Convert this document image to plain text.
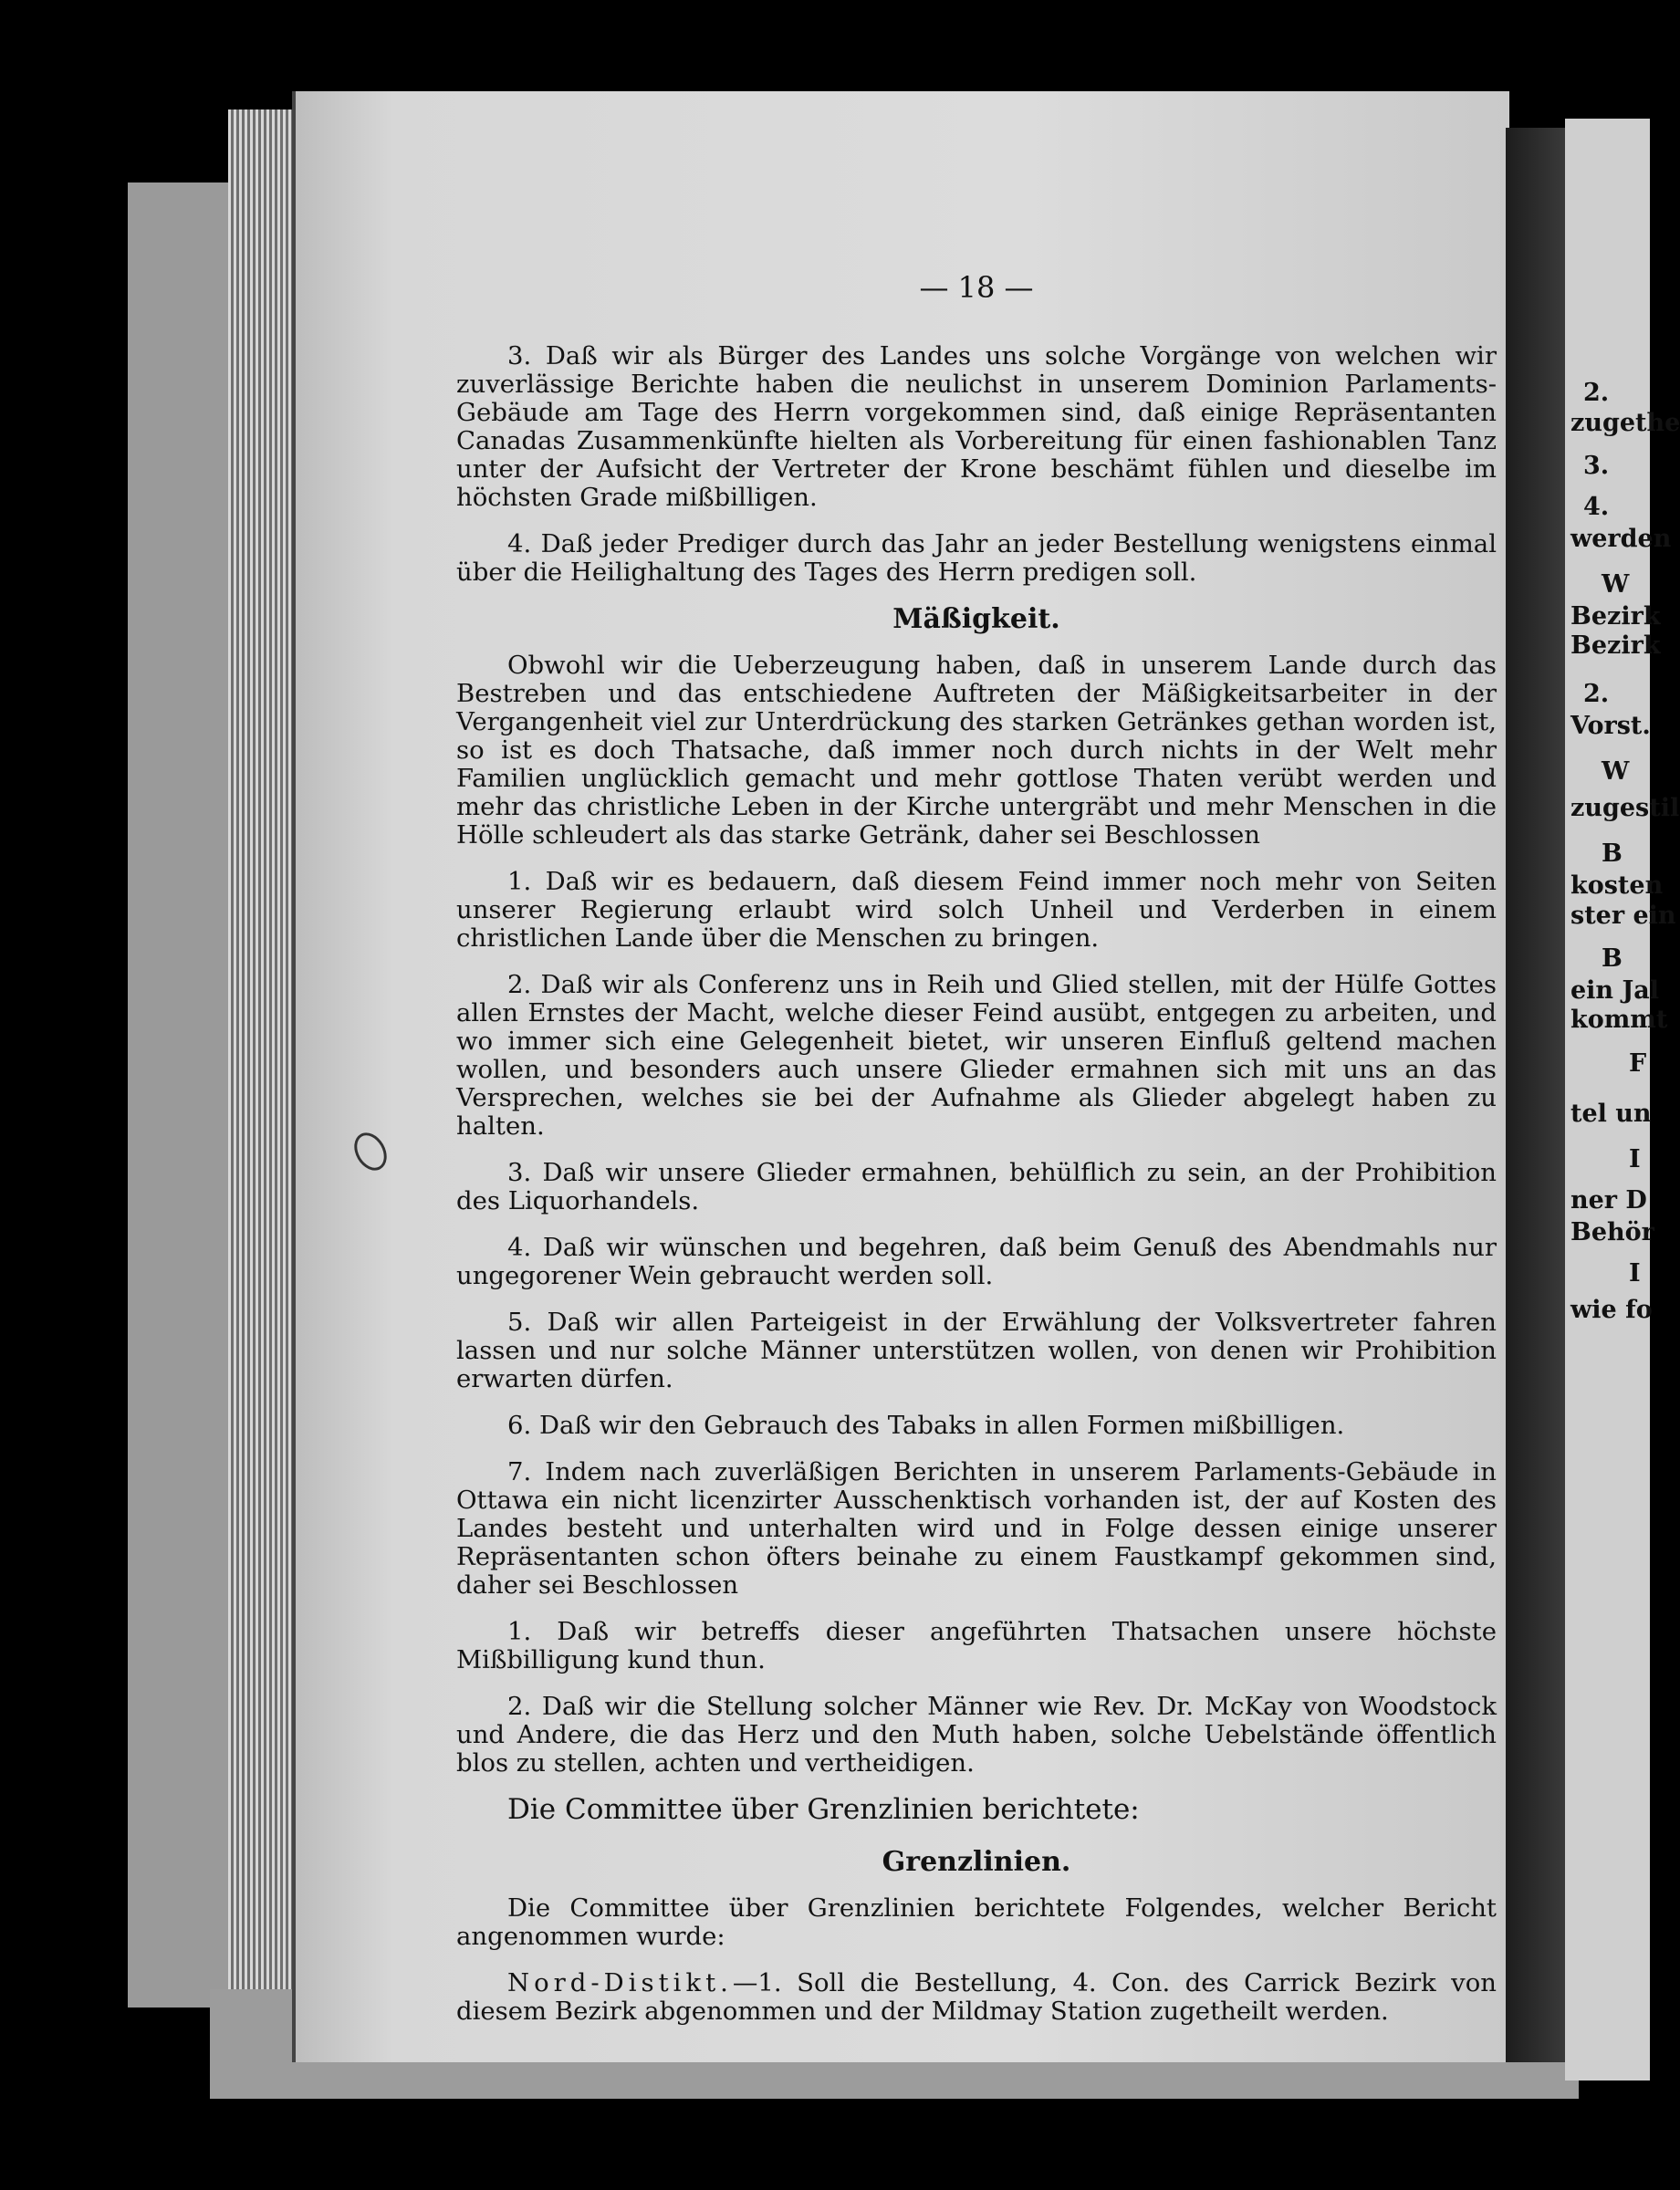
2.
zugethe
3.
4.
werden
W
Bezirk
Bezirk
2.
Vorst.
W
zugestil
B
kosten
ster ein
B
ein Jal
kommt
F
tel un
I
ner D
Behör
I
wie fo
— 18 —

3. Daß wir als Bürger des Landes uns solche Vorgänge von welchen wir zuverlässige Berichte haben die neulichst in unserem Dominion Parlaments-Gebäude am Tage des Herrn vorgekommen sind, daß einige Repräsentanten Canadas Zusammenkünfte hielten als Vorbereitung für einen fashionablen Tanz unter der Aufsicht der Vertreter der Krone beschämt fühlen und dieselbe im höchsten Grade mißbilligen.

4. Daß jeder Prediger durch das Jahr an jeder Bestellung wenigstens einmal über die Heilighaltung des Tages des Herrn predigen soll.

Mäßigkeit.

Obwohl wir die Ueberzeugung haben, daß in unserem Lande durch das Bestreben und das entschiedene Auftreten der Mäßigkeitsarbeiter in der Vergangenheit viel zur Unterdrückung des starken Getränkes gethan worden ist, so ist es doch Thatsache, daß immer noch durch nichts in der Welt mehr Familien unglücklich gemacht und mehr gottlose Thaten verübt werden und mehr das christliche Leben in der Kirche untergräbt und mehr Menschen in die Hölle schleudert als das starke Getränk, daher sei Beschlossen

1. Daß wir es bedauern, daß diesem Feind immer noch mehr von Seiten unserer Regierung erlaubt wird solch Unheil und Verderben in einem christlichen Lande über die Menschen zu bringen.

2. Daß wir als Conferenz uns in Reih und Glied stellen, mit der Hülfe Gottes allen Ernstes der Macht, welche dieser Feind ausübt, entgegen zu arbeiten, und wo immer sich eine Gelegenheit bietet, wir unseren Einfluß geltend machen wollen, und besonders auch unsere Glieder ermahnen sich mit uns an das Versprechen, welches sie bei der Aufnahme als Glieder abgelegt haben zu halten.

3. Daß wir unsere Glieder ermahnen, behülflich zu sein, an der Prohibition des Liquorhandels.

4. Daß wir wünschen und begehren, daß beim Genuß des Abendmahls nur ungegorener Wein gebraucht werden soll.

5. Daß wir allen Parteigeist in der Erwählung der Volksvertreter fahren lassen und nur solche Männer unterstützen wollen, von denen wir Prohibition erwarten dürfen.

6. Daß wir den Gebrauch des Tabaks in allen Formen mißbilligen.

7. Indem nach zuverläßigen Berichten in unserem Parlaments-Gebäude in Ottawa ein nicht licenzirter Ausschenktisch vorhanden ist, der auf Kosten des Landes besteht und unterhalten wird und in Folge dessen einige unserer Repräsentanten schon öfters beinahe zu einem Faustkampf gekommen sind, daher sei Beschlossen

1. Daß wir betreffs dieser angeführten Thatsachen unsere höchste Mißbilligung kund thun.

2. Daß wir die Stellung solcher Männer wie Rev. Dr. McKay von Woodstock und Andere, die das Herz und den Muth haben, solche Uebelstände öffentlich blos zu stellen, achten und vertheidigen.

Die Committee über Grenzlinien berichtete:
Grenzlinien.

Die Committee über Grenzlinien berichtete Folgendes, welcher Bericht angenommen wurde:

Nord-Distikt.—1. Soll die Bestellung, 4. Con. des Carrick Bezirk von diesem Bezirk abgenommen und der Mildmay Station zugetheilt werden.
